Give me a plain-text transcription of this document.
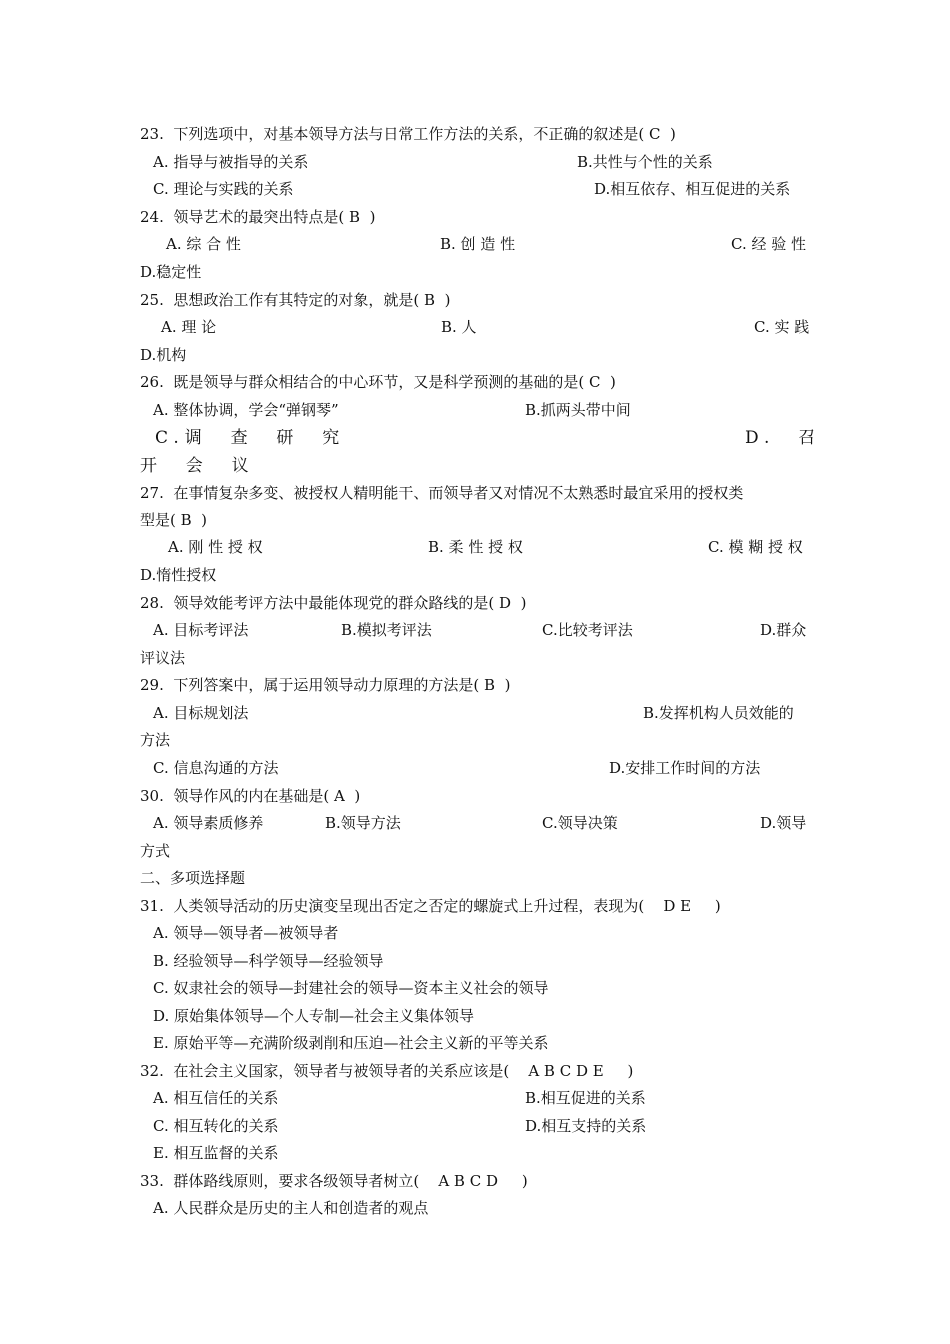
23.  下列选项中，对基本领导方法与日常工作方法的关系，不正确的叙述是( C  )
A. 指导与被指导的关系	B.共性与个性的关系
C. 理论与实践的关系	D.相互依存、相互促进的关系
24.  领导艺术的最突出特点是( B  )
A. 综 合 性	B. 创 造 性	C. 经 验 性
D.稳定性
25.  思想政治工作有其特定的对象，就是( B  )
A. 理 论	B. 人	C. 实 践
D.机构
26.  既是领导与群众相结合的中心环节，又是科学预测的基础的是( C  )
A. 整体协调，学会“弹钢琴”	B.抓两头带中间
C.调  查  研  究	D.  召
开  会  议
27.  在事情复杂多变、被授权人精明能干、而领导者又对情况不太熟悉时最宜采用的授权类
型是( B  )
A. 刚 性 授 权	B. 柔 性 授 权	C. 模 糊 授 权
D.惰性授权
28.  领导效能考评方法中最能体现党的群众路线的是( D  )
A. 目标考评法	B.模拟考评法	C.比较考评法	D.群众
评议法
29.  下列答案中，属于运用领导动力原理的方法是( B  )
A. 目标规划法	B.发挥机构人员效能的
方法
C. 信息沟通的方法	D.安排工作时间的方法
30.  领导作风的内在基础是( A  )
A. 领导素质修养	B.领导方法	C.领导决策	D.领导
方式
二、多项选择题
31.  人类领导活动的历史演变呈现出否定之否定的螺旋式上升过程，表现为(    D E     )
A. 领导—领导者—被领导者
B. 经验领导—科学领导—经验领导
C. 奴隶社会的领导—封建社会的领导—资本主义社会的领导
D. 原始集体领导—个人专制—社会主义集体领导
E. 原始平等—充满阶级剥削和压迫—社会主义新的平等关系
32.  在社会主义国家，领导者与被领导者的关系应该是(    A B C D E     )
A. 相互信任的关系	B.相互促进的关系
C. 相互转化的关系	D.相互支持的关系
E. 相互监督的关系
33.  群体路线原则，要求各级领导者树立(    A B C D     )
A. 人民群众是历史的主人和创造者的观点
